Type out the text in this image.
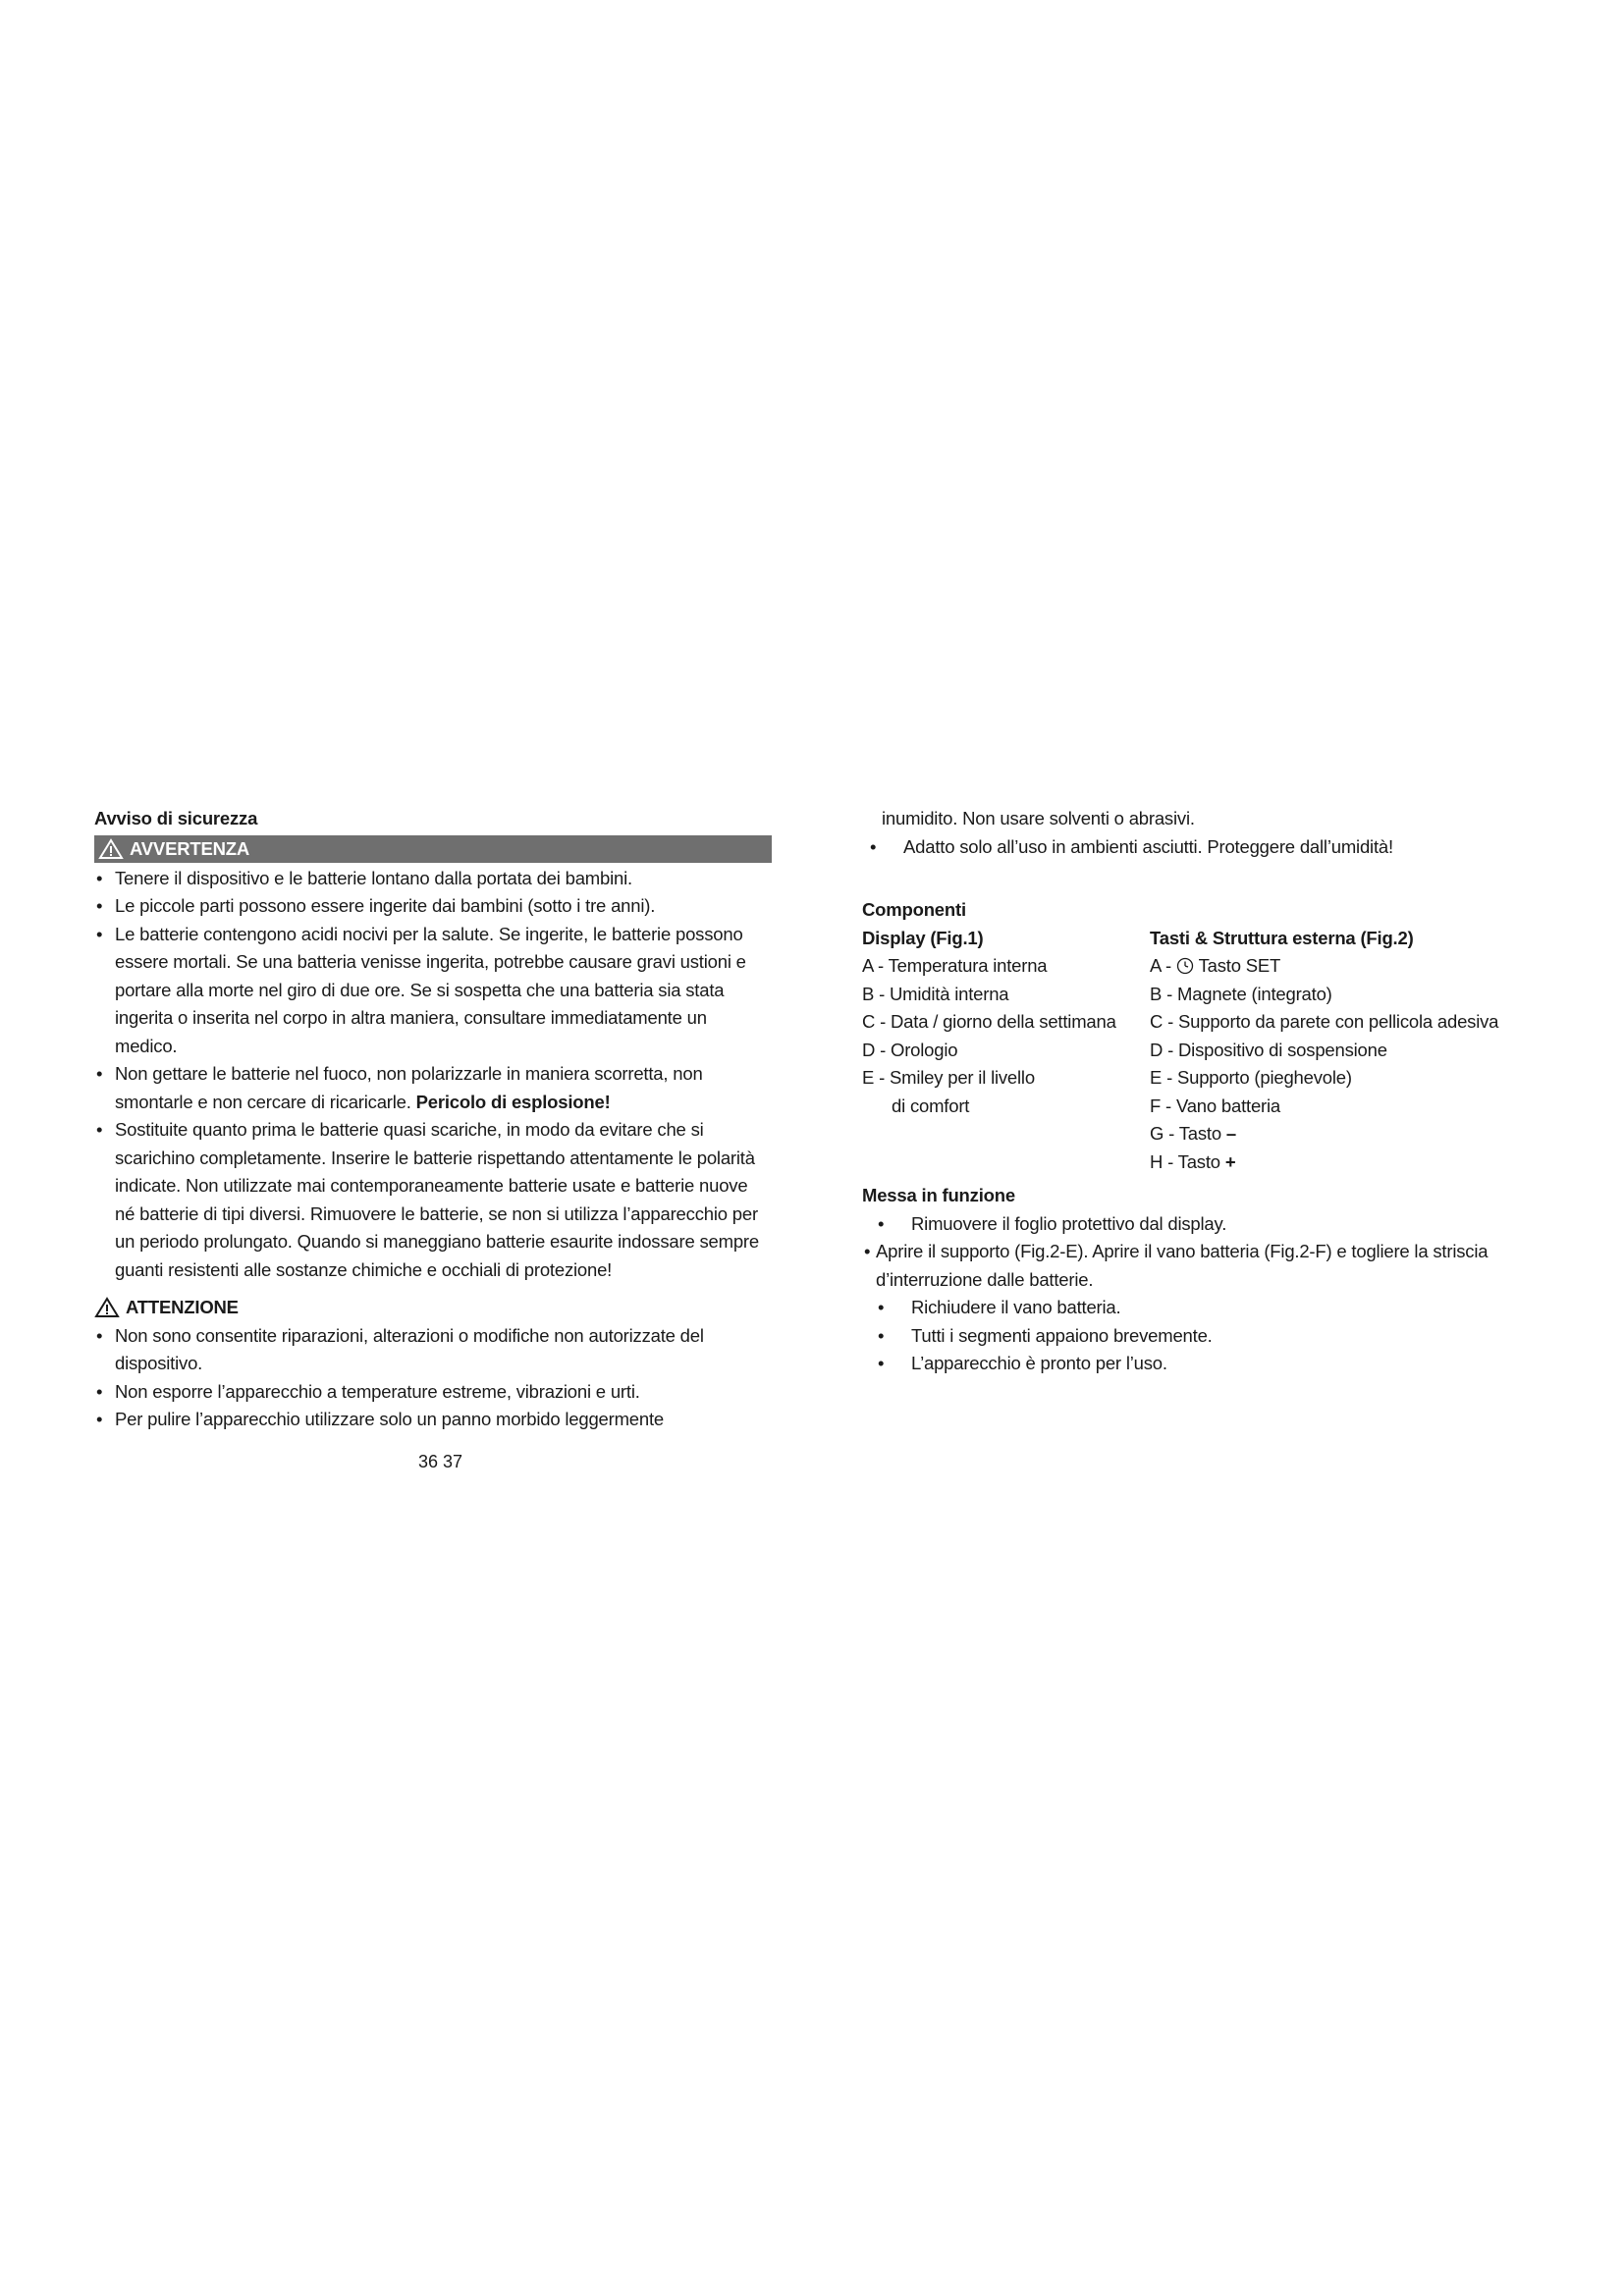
Avviso di sicurezza

AVVERTENZA
• Tenere il dispositivo e le batterie lontano dalla portata dei bambini.
• Le piccole parti possono essere ingerite dai bambini (sotto i tre anni).
• Le batterie contengono acidi nocivi per la salute. Se ingerite, le batterie possono essere mortali. Se una batteria venisse ingerita, potrebbe causare gravi ustioni e portare alla morte nel giro di due ore. Se si sospetta che una batteria sia stata ingerita o inserita nel corpo in altra maniera, consultare immediatamente un medico.
• Non gettare le batterie nel fuoco, non polarizzarle in maniera scorretta, non smontarle e non cercare di ricaricarle. Pericolo di esplosione!
• Sostituite quanto prima le batterie quasi scariche, in modo da evitare che si scarichino completamente. Inserire le batterie rispettando attentamente le polarità indicate. Non utilizzate mai contemporaneamente batterie usate e batterie nuove né batterie di tipi diversi. Rimuovere le batterie, se non si utilizza l’apparecchio per un periodo prolungato. Quando si maneggiano batterie esaurite indossare sempre guanti resistenti alle sostanze chimiche e occhiali di protezione!
ATTENZIONE
• Non sono consentite riparazioni, alterazioni o modifiche non autorizzate del dispositivo.
• Non esporre l’apparecchio a temperature estreme, vibrazioni e urti.
• Per pulire l’apparecchio utilizzare solo un panno morbido leggermente
36 37
inumidito. Non usare solventi o abrasivi.
• Adatto solo all’uso in ambienti asciutti. Proteggere dall’umidità!

Componenti

Display (Fig.1)
A - Temperatura interna
B - Umidità interna
C - Data / giorno della settimana
D - Orologio
E - Smiley per il livello
di comfort
Tasti & Struttura esterna (Fig.2)
A - Tasto SET
B - Magnete (integrato)
C - Supporto da parete con pellicola adesiva
D - Dispositivo di sospensione
E - Supporto (pieghevole)
F - Vano batteria
G - Tasto –
H - Tasto +

Messa in funzione

• Rimuovere il foglio protettivo dal display.
• Aprire il supporto (Fig.2-E). Aprire il vano batteria (Fig.2-F) e togliere la striscia d’interruzione dalle batterie.
• Richiudere il vano batteria.
• Tutti i segmenti appaiono brevemente.
• L’apparecchio è pronto per l’uso.
